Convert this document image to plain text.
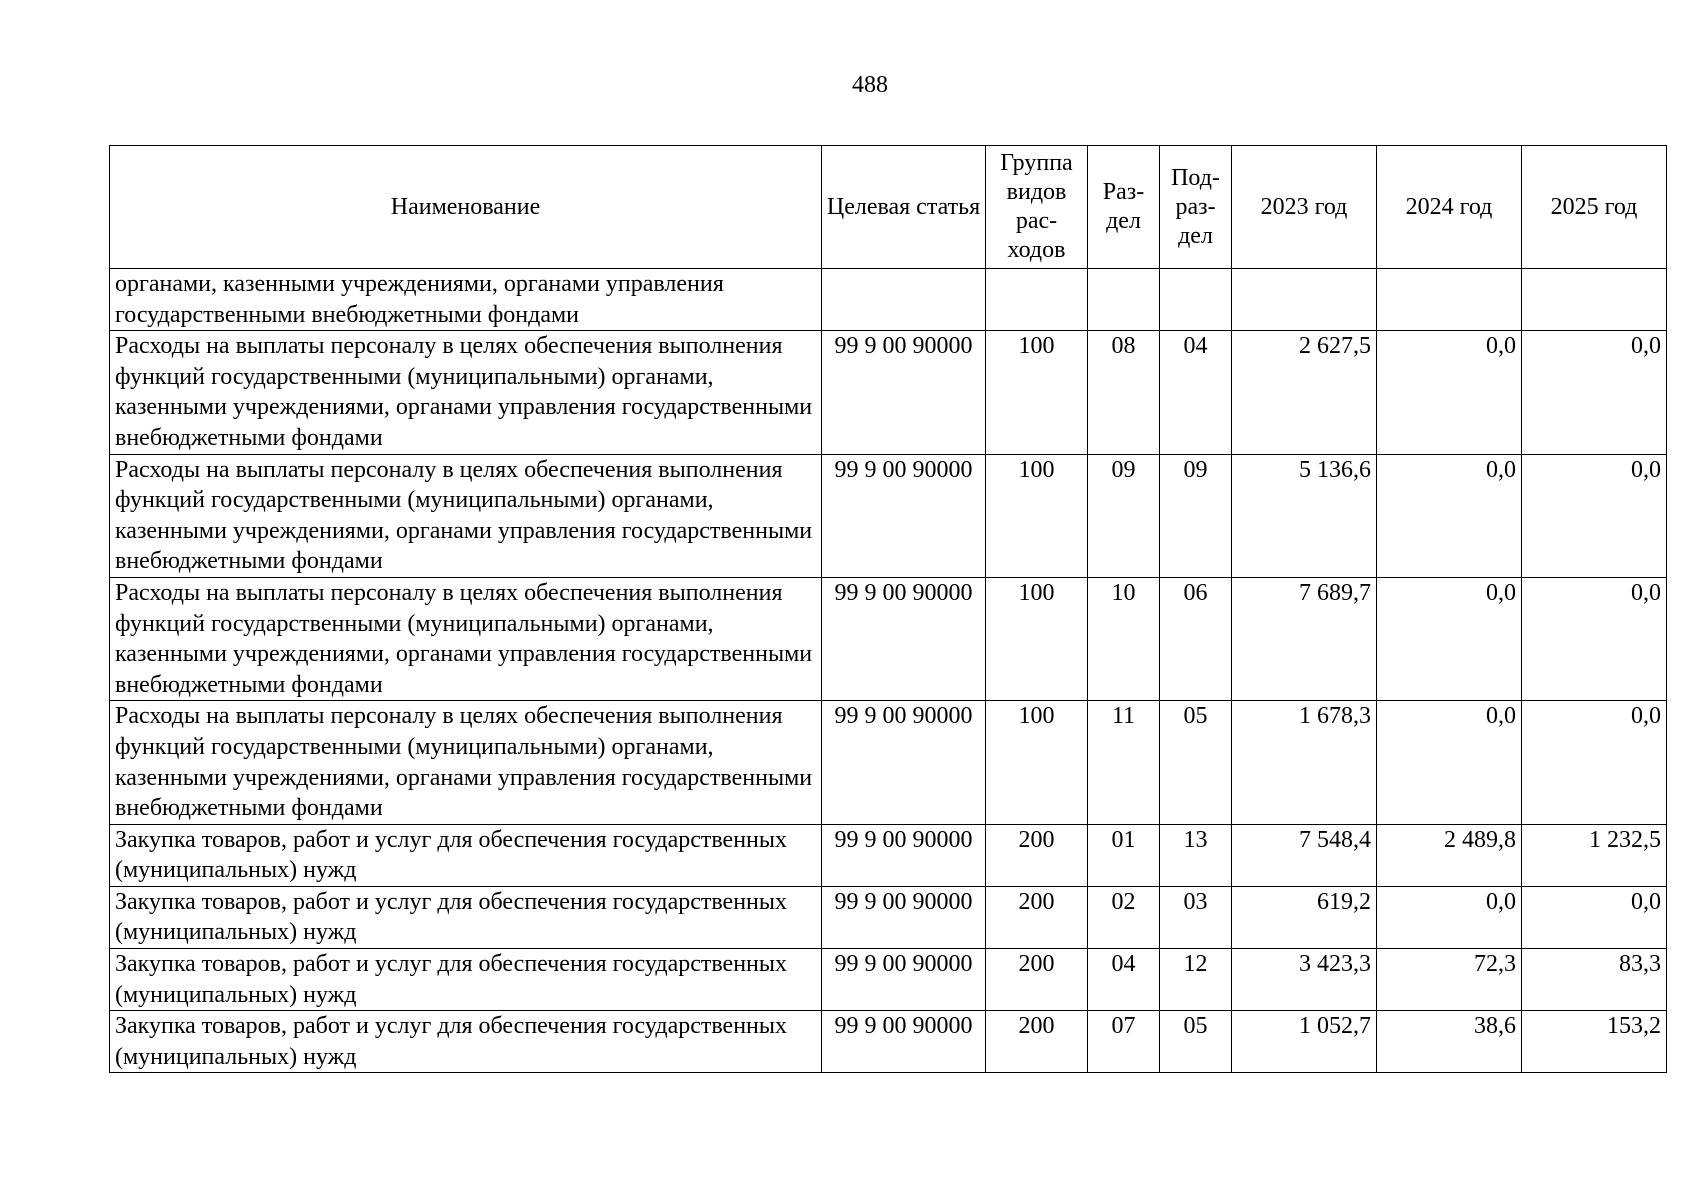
488
Наименование	Целевая статья	Группа видов рас-ходов	Раз-дел	Под-раз-дел	2023 год	2024 год	2025 год
органами, казенными учреждениями, органами управления государственными внебюджетными фондами							
Расходы на выплаты персоналу в целях обеспечения выполнения функций государственными (муниципальными) органами, казенными учреждениями, органами управления государственными внебюджетными фондами	99 9 00 90000	100	08	04	2 627,5	0,0	0,0
Расходы на выплаты персоналу в целях обеспечения выполнения функций государственными (муниципальными) органами, казенными учреждениями, органами управления государственными внебюджетными фондами	99 9 00 90000	100	09	09	5 136,6	0,0	0,0
Расходы на выплаты персоналу в целях обеспечения выполнения функций государственными (муниципальными) органами, казенными учреждениями, органами управления государственными внебюджетными фондами	99 9 00 90000	100	10	06	7 689,7	0,0	0,0
Расходы на выплаты персоналу в целях обеспечения выполнения функций государственными (муниципальными) органами, казенными учреждениями, органами управления государственными внебюджетными фондами	99 9 00 90000	100	11	05	1 678,3	0,0	0,0
Закупка товаров, работ и услуг для обеспечения государственных (муниципальных) нужд	99 9 00 90000	200	01	13	7 548,4	2 489,8	1 232,5
Закупка товаров, работ и услуг для обеспечения государственных (муниципальных) нужд	99 9 00 90000	200	02	03	619,2	0,0	0,0
Закупка товаров, работ и услуг для обеспечения государственных (муниципальных) нужд	99 9 00 90000	200	04	12	3 423,3	72,3	83,3
Закупка товаров, работ и услуг для обеспечения государственных (муниципальных) нужд	99 9 00 90000	200	07	05	1 052,7	38,6	153,2
